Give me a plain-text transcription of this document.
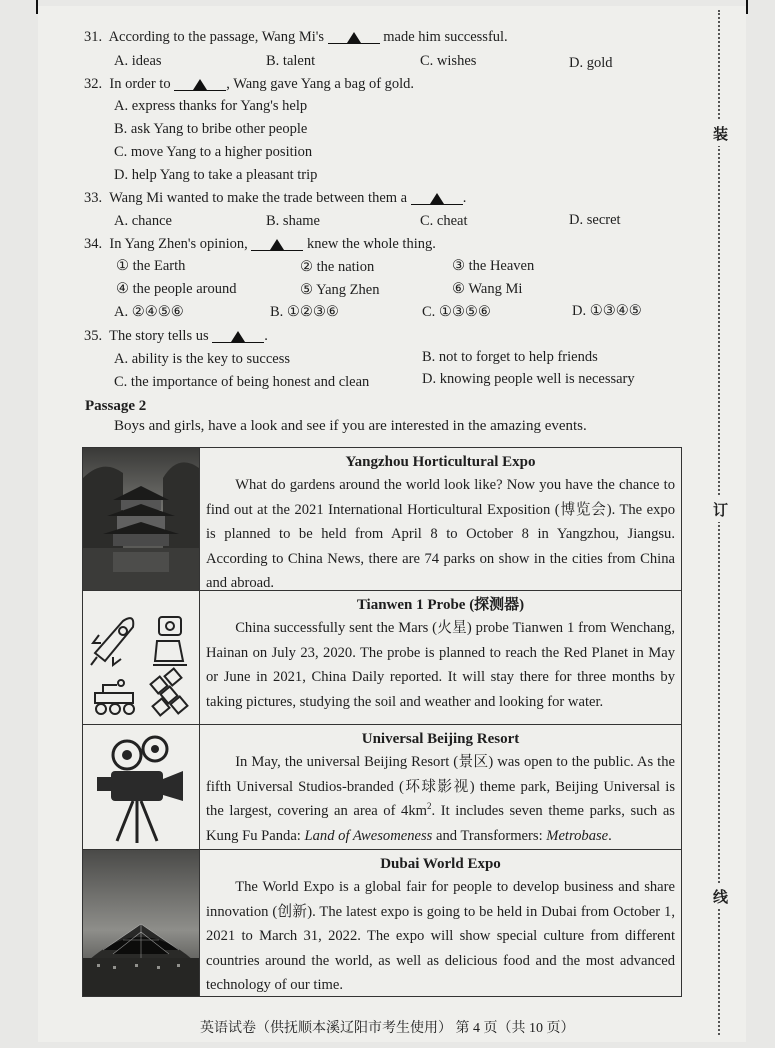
装
订
线
31. According to the passage, Wang Mi's	made him successful.
A. ideas	B. talent	C. wishes	D. gold
32. In order to	, Wang gave Yang a bag of gold.
A. express thanks for Yang's help
B. ask Yang to bribe other people
C. move Yang to a higher position
D. help Yang to take a pleasant trip
33. Wang Mi wanted to make the trade between them a	.
A. chance	B. shame	C. cheat	D. secret
34. In Yang Zhen's opinion,	knew the whole thing.
① the Earth	② the nation	③ the Heaven
④ the people around	⑤ Yang Zhen	⑥ Wang Mi
A. ②④⑤⑥	B. ①②③⑥	C. ①③⑤⑥	D. ①③④⑤
35. The story tells us	.
A. ability is the key to success	B. not to forget to help friends
C. the importance of being honest and clean	D. knowing people well is necessary
Passage 2
Boys and girls, have a look and see if you are interested in the amazing events.
Yangzhou Horticultural Expo

What do gardens around the world look like? Now you have the chance to find out at the 2021 International Horticultural Exposition (博览会). The expo is planned to be held from April 8 to October 8 in Yangzhou, Jiangsu. According to China News, there are 74 parks on show in the cities from China and abroad.

Tianwen 1 Probe (探测器)

China successfully sent the Mars (火星) probe Tianwen 1 from Wenchang, Hainan on July 23, 2020. The probe is planned to reach the Red Planet in May or June in 2021, China Daily reported. It will stay there for three months by taking pictures, studying the soil and weather and looking for water.

Universal Beijing Resort

In May, the universal Beijing Resort (景区) was open to the public. As the fifth Universal Studios-branded (环球影视) theme park, Beijing Universal is the largest, covering an area of $4km^2$. It includes seven theme parks, such as Kung Fu Panda: Land of Awesomeness and Transformers: Metrobase.

Dubai World Expo

The World Expo is a global fair for people to develop business and share innovation (创新). The latest expo is going to be held in Dubai from October 1, 2021 to March 31, 2022. The expo will show special culture from different countries around the world, as well as delicious food and the most advanced technology of our time.

英语试卷（供抚顺本溪辽阳市考生使用） 第 4 页（共 10 页）
